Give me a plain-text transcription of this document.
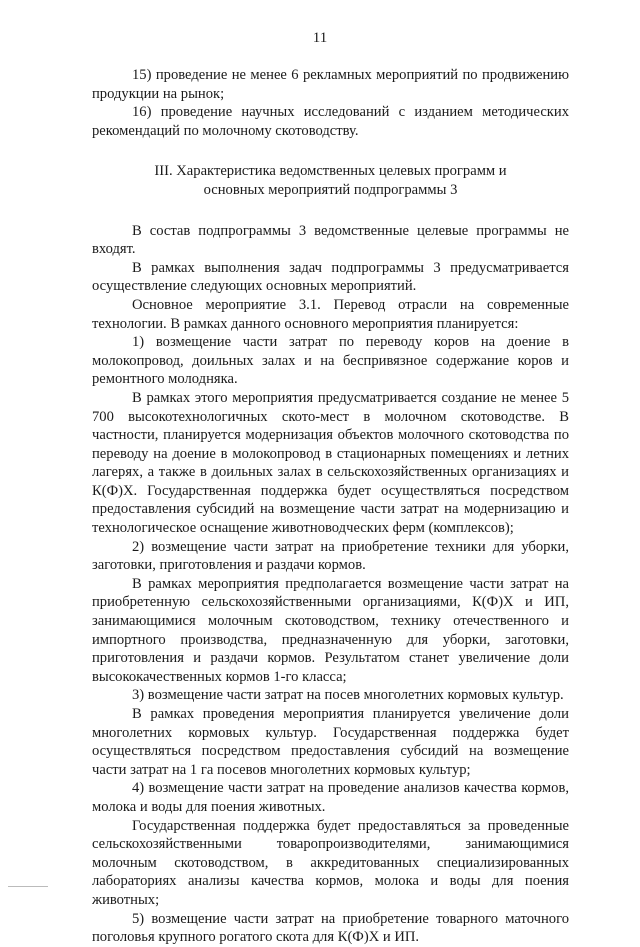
11

15) проведение не менее 6 рекламных мероприятий по продвижению продукции на рынок;

16) проведение научных исследований с изданием методических рекомендаций по молочному скотоводству.

III. Характеристика ведомственных целевых программ и основных мероприятий подпрограммы 3

В состав подпрограммы 3 ведомственные целевые программы не входят.

В рамках выполнения задач подпрограммы 3 предусматривается осуществление следующих основных мероприятий.

Основное мероприятие 3.1. Перевод отрасли на современные технологии. В рамках данного основного мероприятия планируется:

1) возмещение части затрат по переводу коров на доение в молокопровод, доильных залах и на беспривязное содержание коров и ремонтного молодняка.

В рамках этого мероприятия предусматривается создание не менее 5 700 высокотехнологичных ското-мест в молочном скотоводстве. В частности, планируется модернизация объектов молочного скотоводства по переводу на доение в молокопровод в стационарных помещениях и летних лагерях, а также в доильных залах в сельскохозяйственных организациях и К(Ф)Х. Государственная поддержка будет осуществляться посредством предоставления субсидий на возмещение части затрат на модернизацию и технологическое оснащение животноводческих ферм (комплексов);

2) возмещение части затрат на приобретение техники для уборки, заготовки, приготовления и раздачи кормов.

В рамках мероприятия предполагается возмещение части затрат на приобретенную сельскохозяйственными организациями, К(Ф)Х и ИП, занимающимися молочным скотоводством, технику отечественного и импортного производства, предназначенную для уборки, заготовки, приготовления и раздачи кормов. Результатом станет увеличение доли высококачественных кормов 1-го класса;

3) возмещение части затрат на посев многолетних кормовых культур.

В рамках проведения мероприятия планируется увеличение доли многолетних кормовых культур. Государственная поддержка будет осуществляться посредством предоставления субсидий на возмещение части затрат на 1 га посевов многолетних кормовых культур;

4) возмещение части затрат на проведение анализов качества кормов, молока и воды для поения животных.

Государственная поддержка будет предоставляться за проведенные сельскохозяйственными товаропроизводителями, занимающимися молочным скотоводством, в аккредитованных специализированных лабораториях анализы качества кормов, молока и воды для поения животных;

5) возмещение части затрат на приобретение товарного маточного поголовья крупного рогатого скота для К(Ф)Х и ИП.
